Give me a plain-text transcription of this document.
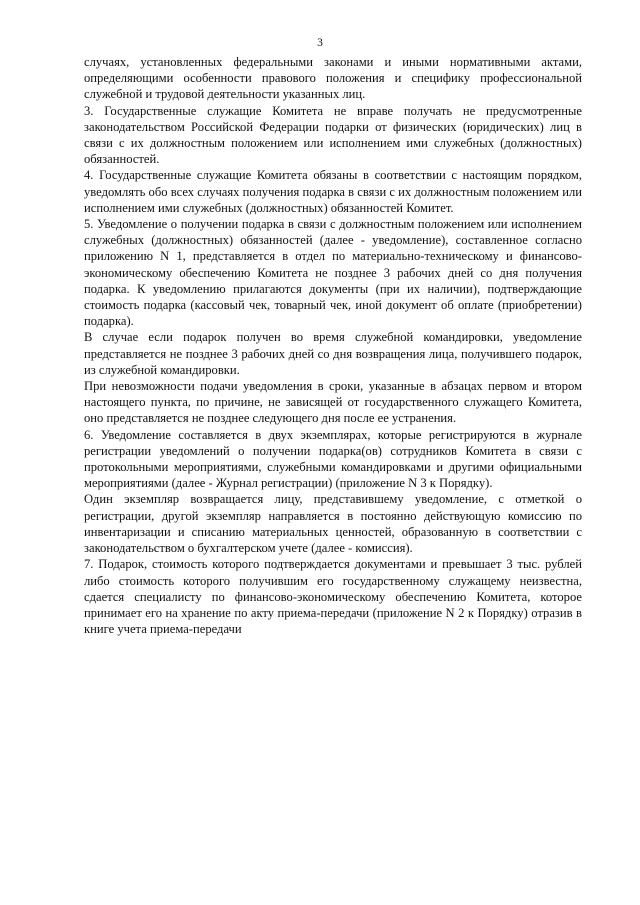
3

случаях, установленных федеральными законами и иными нормативными актами, определяющими особенности правового положения и специфику профессиональной служебной и трудовой деятельности указанных лиц.

3. Государственные служащие Комитета не вправе получать не предусмотренные законодательством Российской Федерации подарки от физических (юридических) лиц в связи с их должностным положением или исполнением ими служебных (должностных) обязанностей.

4. Государственные служащие Комитета обязаны в соответствии с настоящим порядком, уведомлять обо всех случаях получения подарка в связи с их должностным положением или исполнением ими служебных (должностных) обязанностей Комитет.

5. Уведомление о получении подарка в связи с должностным положением или исполнением служебных (должностных) обязанностей (далее - уведомление), составленное согласно приложению N 1, представляется в отдел по материально-техническому и финансово-экономическому обеспечению Комитета не позднее 3 рабочих дней со дня получения подарка. К уведомлению прилагаются документы (при их наличии), подтверждающие стоимость подарка (кассовый чек, товарный чек, иной документ об оплате (приобретении) подарка).

В случае если подарок получен во время служебной командировки, уведомление представляется не позднее 3 рабочих дней со дня возвращения лица, получившего подарок, из служебной командировки.

При невозможности подачи уведомления в сроки, указанные в абзацах первом и втором настоящего пункта, по причине, не зависящей от государственного служащего Комитета, оно представляется не позднее следующего дня после ее устранения.

6. Уведомление составляется в двух экземплярах, которые регистрируются в журнале регистрации уведомлений о получении подарка(ов) сотрудников Комитета в связи с протокольными мероприятиями, служебными командировками и другими официальными мероприятиями (далее - Журнал регистрации) (приложение N 3 к Порядку).

Один экземпляр возвращается лицу, представившему уведомление, с отметкой о регистрации, другой экземпляр направляется в постоянно действующую комиссию по инвентаризации и списанию материальных ценностей, образованную в соответствии с законодательством о бухгалтерском учете (далее - комиссия).

7. Подарок, стоимость которого подтверждается документами и превышает 3 тыс. рублей либо стоимость которого получившим его государственному служащему неизвестна, сдается специалисту по финансово-экономическому обеспечению Комитета, которое принимает его на хранение по акту приема-передачи (приложение N 2 к Порядку) отразив в книге учета приема-передачи
